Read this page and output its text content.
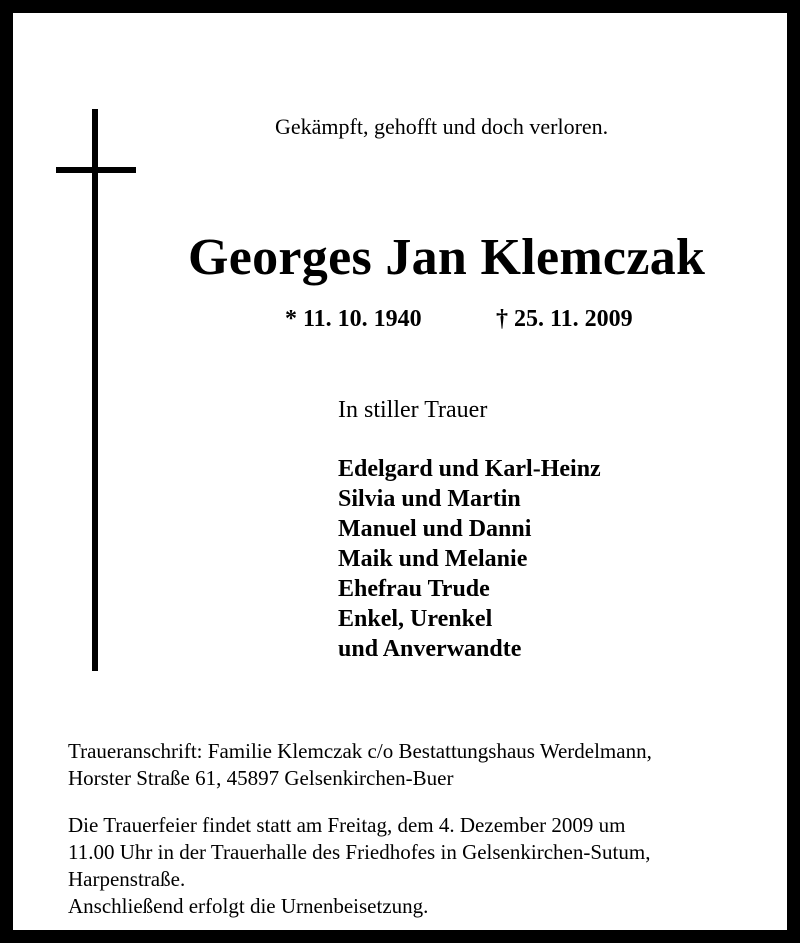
Gekämpft, gehofft und doch verloren.

Georges Jan Klemczak

* 11. 10. 1940	† 25. 11. 2009

In stiller Trauer

Edelgard und Karl-Heinz
Silvia und Martin
Manuel und Danni
Maik und Melanie
Ehefrau Trude
Enkel, Urenkel
und Anverwandte
Traueranschrift: Familie Klemczak c/o Bestattungshaus Werdelmann,
Horster Straße 61, 45897 Gelsenkirchen-Buer
Die Trauerfeier findet statt am Freitag, dem 4. Dezember 2009 um
11.00 Uhr in der Trauerhalle des Friedhofes in Gelsenkirchen-Sutum,
Harpenstraße.
Anschließend erfolgt die Urnenbeisetzung.
